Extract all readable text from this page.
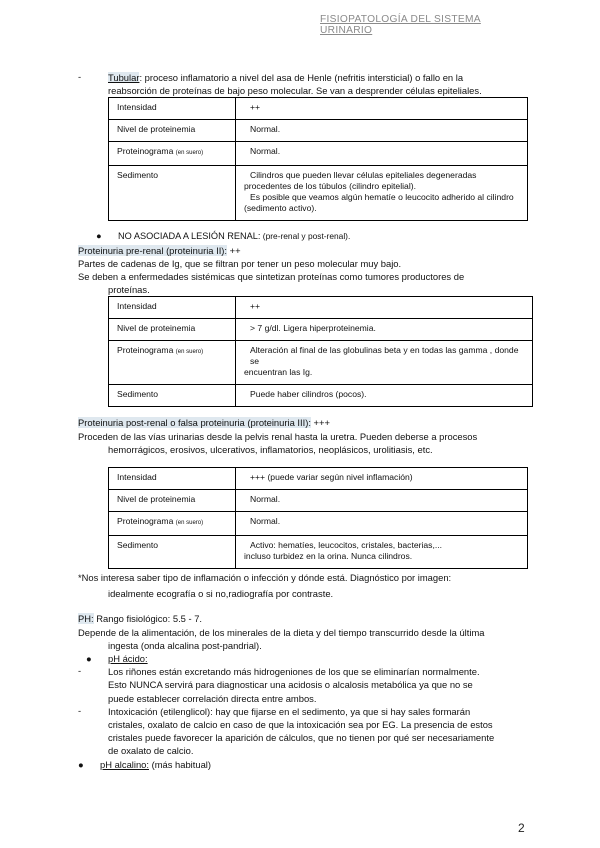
FISIOPATOLOGÍA DEL SISTEMA URINARIO
-	Tubular: proceso inflamatorio a nivel del asa de Henle (nefritis intersticial) o fallo en la
reabsorción de proteínas de bajo peso molecular. Se van a desprender células epiteliales.
Intensidad	++

Nivel de proteinemia	Normal.

Proteinograma (en suero)	Normal.

Sedimento	Cilindros que pueden llevar células epiteliales degeneradas
procedentes de los túbulos (cilindro epitelial).
Es posible que veamos algún hematíe o leucocito adherido al cilindro
(sedimento activo).
● NO ASOCIADA A LESIÓN RENAL: (pre-renal y post-renal).
Proteinuria pre-renal (proteinuria II): ++
Partes de cadenas de Ig, que se filtran por tener un peso molecular muy bajo.
Se deben a enfermedades sistémicas que sintetizan proteínas como tumores productores de
proteínas.
Intensidad	++

Nivel de proteinemia	> 7 g/dl. Ligera hiperproteinemia.

Proteinograma (en suero)	Alteración al final de las globulinas beta y en todas las gamma , donde se
encuentran las Ig.

Sedimento	Puede haber cilindros (pocos).
Proteinuria post-renal o falsa proteinuria (proteinuria III): +++
Proceden de las vías urinarias desde la pelvis renal hasta la uretra. Pueden deberse a procesos
hemorrágicos, erosivos, ulcerativos, inflamatorios, neoplásicos, urolitiasis, etc.
Intensidad	+++ (puede variar según nivel inflamación)

Nivel de proteinemia	Normal.

Proteinograma (en suero)	Normal.

Sedimento	Activo: hematíes, leucocitos, cristales, bacterias,...
incluso turbidez en la orina. Nunca cilindros.
*Nos interesa saber tipo de inflamación o infección y dónde está. Diagnóstico por imagen:
idealmente ecografía o si no,radiografía por contraste.
PH: Rango fisiológico: 5.5 - 7.
Depende de la alimentación, de los minerales de la dieta y del tiempo transcurrido desde la última
ingesta (onda alcalina post-pandrial).
● pH ácido:
-	Los riñones están excretando más hidrogeniones de los que se eliminarían normalmente.
Esto NUNCA servirá para diagnosticar una acidosis o alcalosis metabólica ya que no se
puede establecer correlación directa entre ambos.
-	Intoxicación (etilenglicol): hay que fijarse en el sedimento, ya que si hay sales formarán
cristales, oxalato de calcio en caso de que la intoxicación sea por EG. La presencia de estos
cristales puede favorecer la aparición de cálculos, que no tienen por qué ser necesariamente
de oxalato de calcio.
● pH alcalino: (más habitual)
2
